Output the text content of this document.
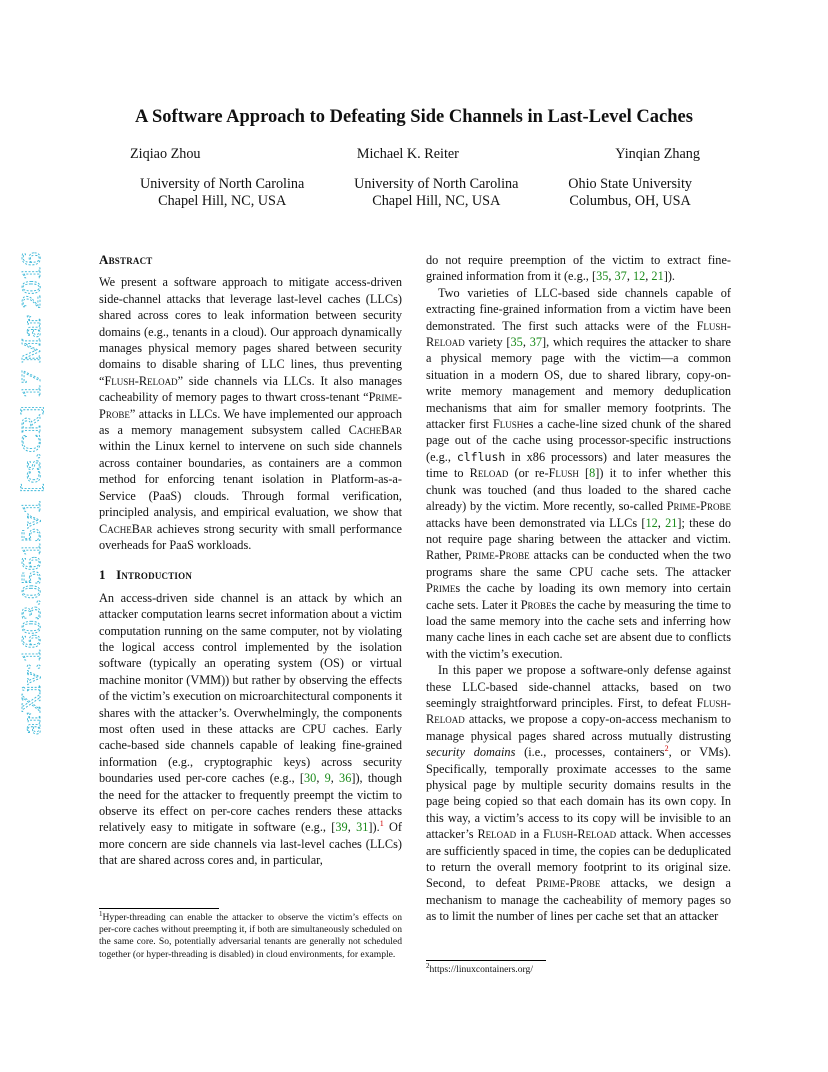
arXiv:1603.05615v1 [cs.CR] 17 Mar 2016
A Software Approach to Defeating Side Channels in Last-Level Caches
Ziqiao Zhou	Michael K. Reiter	Yinqian Zhang
University of North Carolina
Chapel Hill, NC, USA
University of North Carolina
Chapel Hill, NC, USA
Ohio State University
Columbus, OH, USA
Abstract

We present a software approach to mitigate access-driven side-channel attacks that leverage last-level caches (LLCs) shared across cores to leak information between security domains (e.g., tenants in a cloud). Our approach dynamically manages physical memory pages shared between security domains to disable sharing of LLC lines, thus preventing “Flush-Reload” side channels via LLCs. It also manages cacheability of memory pages to thwart cross-tenant “Prime-Probe” attacks in LLCs. We have implemented our approach as a memory management subsystem called CacheBar within the Linux kernel to intervene on such side channels across container boundaries, as containers are a common method for enforcing tenant isolation in Platform-as-a-Service (PaaS) clouds. Through formal verification, principled analysis, and empirical evaluation, we show that CacheBar achieves strong security with small performance overheads for PaaS workloads.

1 Introduction

An access-driven side channel is an attack by which an attacker computation learns secret information about a victim computation running on the same computer, not by violating the logical access control implemented by the isolation software (typically an operating system (OS) or virtual machine monitor (VMM)) but rather by observing the effects of the victim’s execution on microarchitectural components it shares with the attacker’s. Overwhelmingly, the components most often used in these attacks are CPU caches. Early cache-based side channels capable of leaking fine-grained information (e.g., cryptographic keys) across security boundaries used per-core caches (e.g., [30, 9, 36]), though the need for the attacker to frequently preempt the victim to observe its effect on per-core caches renders these attacks relatively easy to mitigate in software (e.g., [39, 31]).$^1$ Of more concern are side channels via last-level caches (LLCs) that are shared across cores and, in particular,

$^1$Hyper-threading can enable the attacker to observe the victim’s effects on per-core caches without preempting it, if both are simultaneously scheduled on the same core. So, potentially adversarial tenants are generally not scheduled together (or hyper-threading is disabled) in cloud environments, for example.

do not require preemption of the victim to extract fine-grained information from it (e.g., [35, 37, 12, 21]).

Two varieties of LLC-based side channels capable of extracting fine-grained information from a victim have been demonstrated. The first such attacks were of the Flush-Reload variety [35, 37], which requires the attacker to share a physical memory page with the victim—a common situation in a modern OS, due to shared library, copy-on-write memory management and memory deduplication mechanisms that aim for smaller memory footprints. The attacker first Flushes a cache-line sized chunk of the shared page out of the cache using processor-specific instructions (e.g., clflush in x86 processors) and later measures the time to Reload (or re-Flush [8]) it to infer whether this chunk was touched (and thus loaded to the shared cache already) by the victim. More recently, so-called Prime-Probe attacks have been demonstrated via LLCs [12, 21]; these do not require page sharing between the attacker and victim. Rather, Prime-Probe attacks can be conducted when the two programs share the same CPU cache sets. The attacker Primes the cache by loading its own memory into certain cache sets. Later it Probes the cache by measuring the time to load the same memory into the cache sets and inferring how many cache lines in each cache set are absent due to conflicts with the victim’s execution.

In this paper we propose a software-only defense against these LLC-based side-channel attacks, based on two seemingly straightforward principles. First, to defeat Flush-Reload attacks, we propose a copy-on-access mechanism to manage physical pages shared across mutually distrusting security domains (i.e., processes, containers$^2$, or VMs). Specifically, temporally proximate accesses to the same physical page by multiple security domains results in the page being copied so that each domain has its own copy. In this way, a victim’s access to its copy will be invisible to an attacker’s Reload in a Flush-Reload attack. When accesses are sufficiently spaced in time, the copies can be deduplicated to return the overall memory footprint to its original size. Second, to defeat Prime-Probe attacks, we design a mechanism to manage the cacheability of memory pages so as to limit the number of lines per cache set that an attacker

$^2$https://linuxcontainers.org/
